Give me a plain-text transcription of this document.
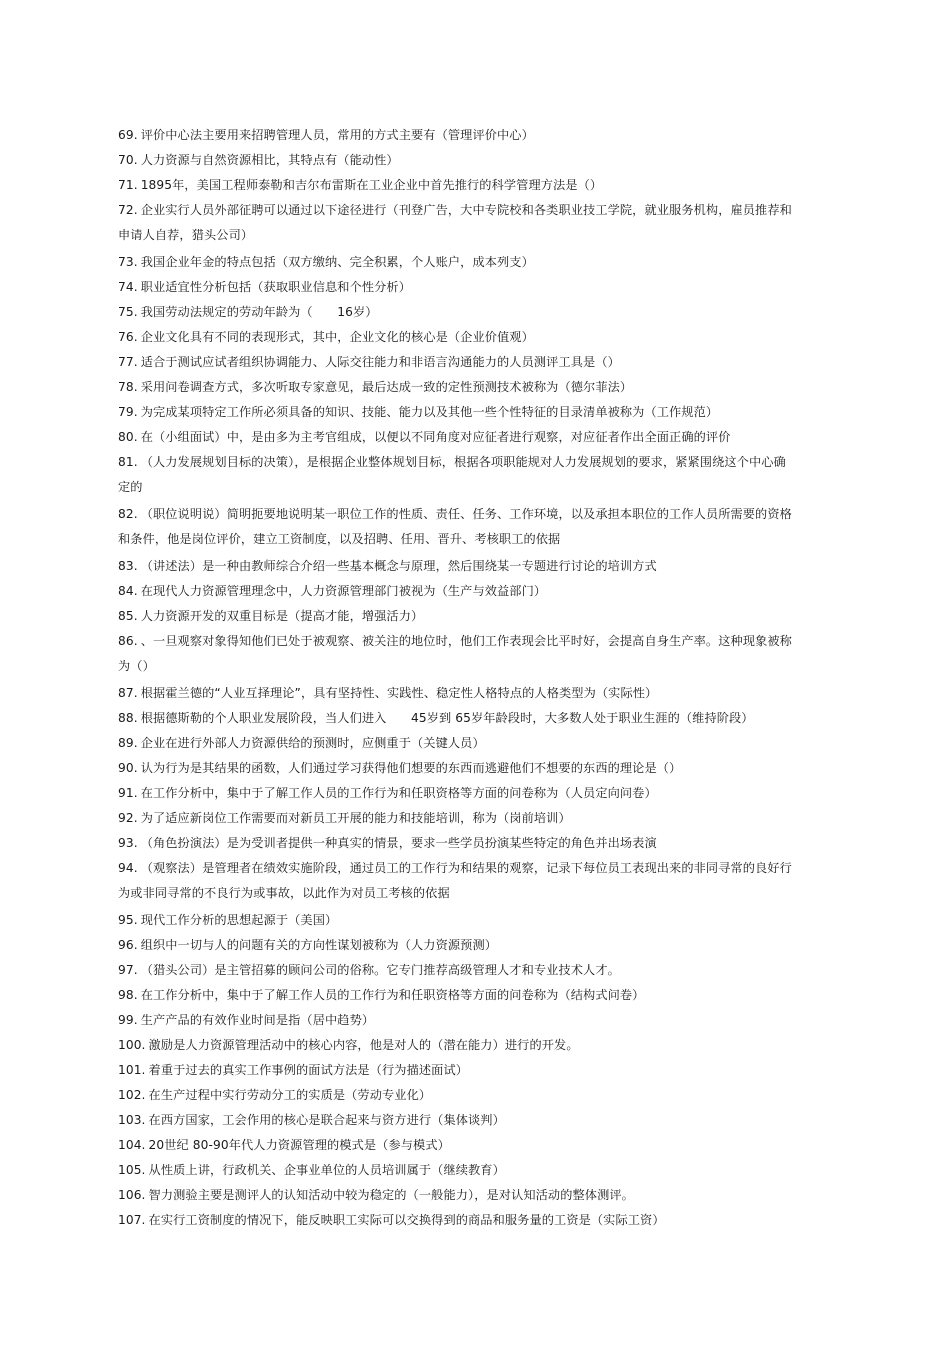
69. 评价中心法主要用来招聘管理人员，常用的方式主要有（管理评价中心）
70. 人力资源与自然资源相比，其特点有（能动性）
71. 1895年，美国工程师泰勒和吉尔布雷斯在工业企业中首先推行的科学管理方法是（）
72. 企业实行人员外部征聘可以通过以下途径进行（刊登广告，大中专院校和各类职业技工学院，就业服务机构，雇员推荐和申请人自荐，猎头公司）
73. 我国企业年金的特点包括（双方缴纳、完全积累，个人账户，成本列支）
74. 职业适宜性分析包括（获取职业信息和个性分析）
75. 我国劳动法规定的劳动年龄为（　　16岁）
76. 企业文化具有不同的表现形式，其中，企业文化的核心是（企业价值观）
77. 适合于测试应试者组织协调能力、人际交往能力和非语言沟通能力的人员测评工具是（）
78. 采用问卷调查方式，多次听取专家意见，最后达成一致的定性预测技术被称为（德尔菲法）
79. 为完成某项特定工作所必须具备的知识、技能、能力以及其他一些个性特征的目录清单被称为（工作规范）
80. 在（小组面试）中，是由多为主考官组成，以便以不同角度对应征者进行观察，对应征者作出全面正确的评价
81. （人力发展规划目标的决策），是根据企业整体规划目标，根据各项职能规对人力发展规划的要求，紧紧围绕这个中心确定的
82. （职位说明说）简明扼要地说明某一职位工作的性质、责任、任务、工作环境，以及承担本职位的工作人员所需要的资格和条件，他是岗位评价，建立工资制度，以及招聘、任用、晋升、考核职工的依据
83. （讲述法）是一种由教师综合介绍一些基本概念与原理，然后围绕某一专题进行讨论的培训方式
84. 在现代人力资源管理理念中，人力资源管理部门被视为（生产与效益部门）
85. 人力资源开发的双重目标是（提高才能，增强活力）
86. 、一旦观察对象得知他们已处于被观察、被关注的地位时，他们工作表现会比平时好，会提高自身生产率。这种现象被称为（）
87. 根据霍兰德的“人业互择理论”，具有坚持性、实践性、稳定性人格特点的人格类型为（实际性）
88. 根据德斯勒的个人职业发展阶段，当人们进入　　45岁到 65岁年龄段时，大多数人处于职业生涯的（维持阶段）
89. 企业在进行外部人力资源供给的预测时，应侧重于（关键人员）
90. 认为行为是其结果的函数，人们通过学习获得他们想要的东西而逃避他们不想要的东西的理论是（）
91. 在工作分析中，集中于了解工作人员的工作行为和任职资格等方面的问卷称为（人员定向问卷）
92. 为了适应新岗位工作需要而对新员工开展的能力和技能培训，称为（岗前培训）
93. （角色扮演法）是为受训者提供一种真实的情景，要求一些学员扮演某些特定的角色并出场表演
94. （观察法）是管理者在绩效实施阶段，通过员工的工作行为和结果的观察，记录下每位员工表现出来的非同寻常的良好行为或非同寻常的不良行为或事故，以此作为对员工考核的依据
95. 现代工作分析的思想起源于（美国）
96. 组织中一切与人的问题有关的方向性谋划被称为（人力资源预测）
97. （猎头公司）是主管招募的顾问公司的俗称。它专门推荐高级管理人才和专业技术人才。
98. 在工作分析中，集中于了解工作人员的工作行为和任职资格等方面的问卷称为（结构式问卷）
99. 生产产品的有效作业时间是指（居中趋势）
100. 激励是人力资源管理活动中的核心内容，他是对人的（潜在能力）进行的开发。
101. 着重于过去的真实工作事例的面试方法是（行为描述面试）
102. 在生产过程中实行劳动分工的实质是（劳动专业化）
103. 在西方国家，工会作用的核心是联合起来与资方进行（集体谈判）
104. 20世纪 80-90年代人力资源管理的模式是（参与模式）
105. 从性质上讲，行政机关、企事业单位的人员培训属于（继续教育）
106. 智力测验主要是测评人的认知活动中较为稳定的（一般能力），是对认知活动的整体测评。
107. 在实行工资制度的情况下，能反映职工实际可以交换得到的商品和服务量的工资是（实际工资）
